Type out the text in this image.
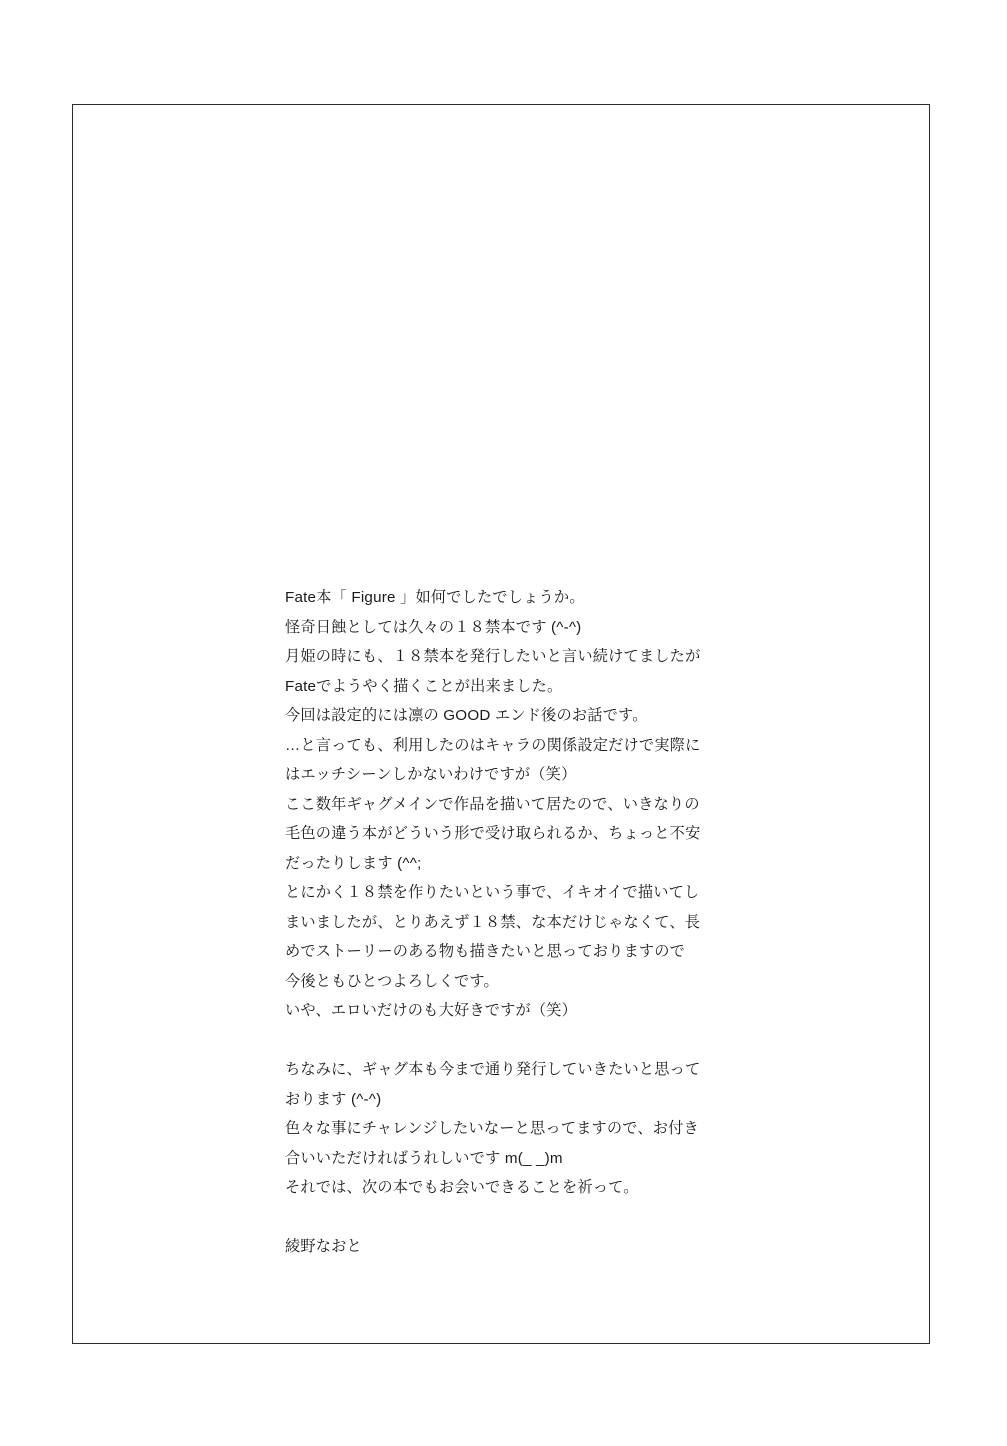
Fate本「 Figure 」如何でしたでしょうか。
怪奇日蝕としては久々の１８禁本です (^-^)
月姫の時にも、１８禁本を発行したいと言い続けてましたが
Fateでようやく描くことが出来ました。
今回は設定的には凛の GOOD エンド後のお話です。
…と言っても、利用したのはキャラの関係設定だけで実際に
はエッチシーンしかないわけですが（笑）
ここ数年ギャグメインで作品を描いて居たので、いきなりの
毛色の違う本がどういう形で受け取られるか、ちょっと不安
だったりします (^^;
とにかく１８禁を作りたいという事で、イキオイで描いてし
まいましたが、とりあえず１８禁、な本だけじゃなくて、長
めでストーリーのある物も描きたいと思っておりますので
今後ともひとつよろしくです。
いや、エロいだけのも大好きですが（笑）
ちなみに、ギャグ本も今まで通り発行していきたいと思って
おります (^-^)
色々な事にチャレンジしたいなーと思ってますので、お付き
合いいただければうれしいです m(_ _)m
それでは、次の本でもお会いできることを祈って。
綾野なおと
